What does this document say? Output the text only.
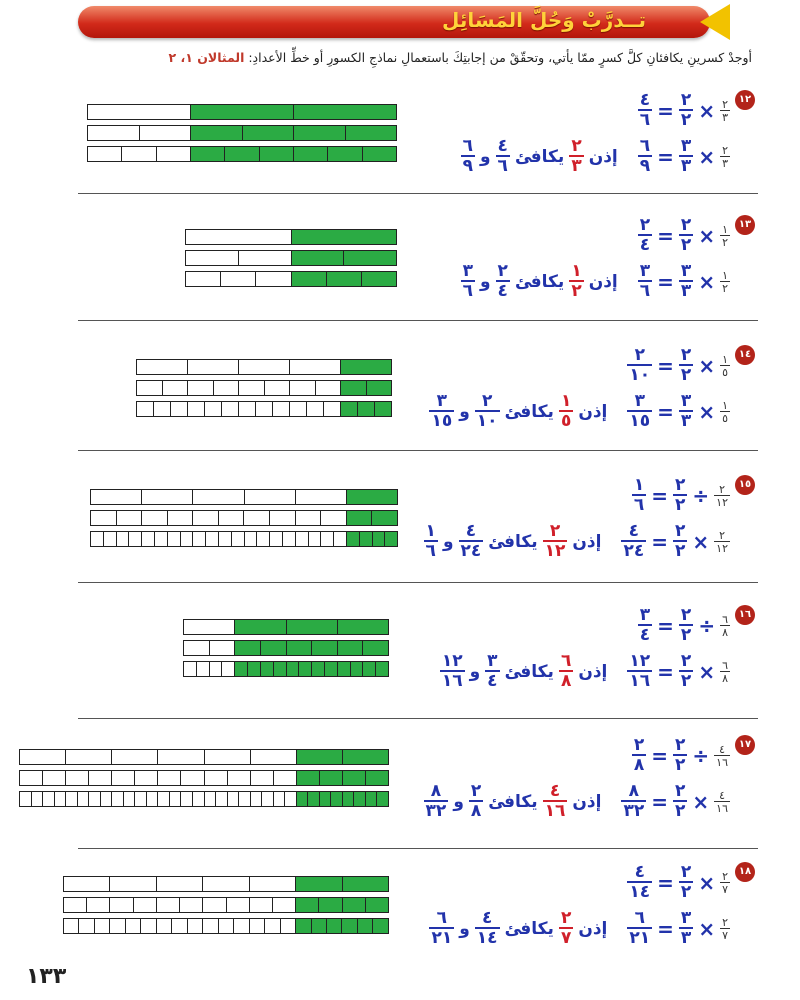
تــدرَّبْ وَحُلَّ المَسَائِل
أوجدْ كسرينِ يكافئانِ كلَّ كسرٍ ممّا يأتي، وتحقّقْ من إجابتِكَ باستعمالِ نماذجِ الكسورِ أو خطِّ الأعدادِ: المثالان ١، ٢
١٢
$\frac{٢}{٣}$
×
$\frac{٢}{٢}$
=
$\frac{٤}{٦}$
$\frac{٢}{٣}$
×
$\frac{٣}{٣}$
=
$\frac{٦}{٩}$
إذن
$\frac{٢}{٣}$
يكافئ
$\frac{٤}{٦}$
و
$\frac{٦}{٩}$
١٣
$\frac{١}{٢}$
×
$\frac{٢}{٢}$
=
$\frac{٢}{٤}$
$\frac{١}{٢}$
×
$\frac{٣}{٣}$
=
$\frac{٣}{٦}$
إذن
$\frac{١}{٢}$
يكافئ
$\frac{٢}{٤}$
و
$\frac{٣}{٦}$
١٤
$\frac{١}{٥}$
×
$\frac{٢}{٢}$
=
$\frac{٢}{١٠}$
$\frac{١}{٥}$
×
$\frac{٣}{٣}$
=
$\frac{٣}{١٥}$
إذن
$\frac{١}{٥}$
يكافئ
$\frac{٢}{١٠}$
و
$\frac{٣}{١٥}$
١٥
$\frac{٢}{١٢}$
÷
$\frac{٢}{٢}$
=
$\frac{١}{٦}$
$\frac{٢}{١٢}$
×
$\frac{٢}{٢}$
=
$\frac{٤}{٢٤}$
إذن
$\frac{٢}{١٢}$
يكافئ
$\frac{٤}{٢٤}$
و
$\frac{١}{٦}$
١٦
$\frac{٦}{٨}$
÷
$\frac{٢}{٢}$
=
$\frac{٣}{٤}$
$\frac{٦}{٨}$
×
$\frac{٢}{٢}$
=
$\frac{١٢}{١٦}$
إذن
$\frac{٦}{٨}$
يكافئ
$\frac{٣}{٤}$
و
$\frac{١٢}{١٦}$
١٧
$\frac{٤}{١٦}$
÷
$\frac{٢}{٢}$
=
$\frac{٢}{٨}$
$\frac{٤}{١٦}$
×
$\frac{٢}{٢}$
=
$\frac{٨}{٣٢}$
إذن
$\frac{٤}{١٦}$
يكافئ
$\frac{٢}{٨}$
و
$\frac{٨}{٣٢}$
١٨
$\frac{٢}{٧}$
×
$\frac{٢}{٢}$
=
$\frac{٤}{١٤}$
$\frac{٢}{٧}$
×
$\frac{٣}{٣}$
=
$\frac{٦}{٢١}$
إذن
$\frac{٢}{٧}$
يكافئ
$\frac{٤}{١٤}$
و
$\frac{٦}{٢١}$
١٣٣
